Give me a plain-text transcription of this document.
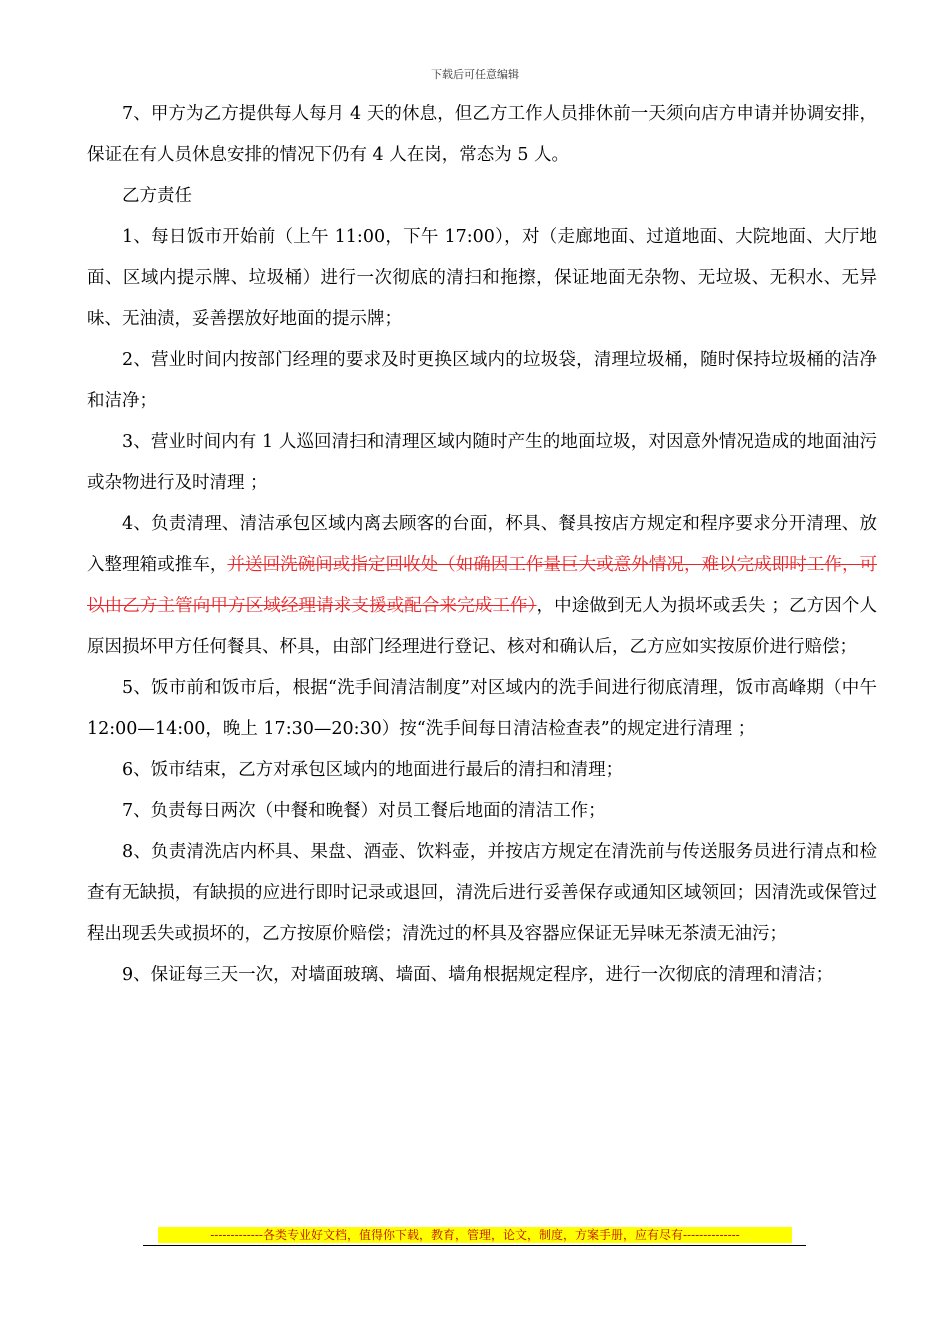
下载后可任意编辑

7、甲方为乙方提供每人每月 4 天的休息，但乙方工作人员排休前一天须向店方申请并协调安排，保证在有人员休息安排的情况下仍有 4 人在岗，常态为 5 人。

乙方责任

1、每日饭市开始前（上午 11:00，下午 17:00），对（走廊地面、过道地面、大院地面、大厅地面、区域内提示牌、垃圾桶）进行一次彻底的清扫和拖擦，保证地面无杂物、无垃圾、无积水、无异味、无油渍，妥善摆放好地面的提示牌；

2、营业时间内按部门经理的要求及时更换区域内的垃圾袋，清理垃圾桶，随时保持垃圾桶的洁净和洁净；

3、营业时间内有 1 人巡回清扫和清理区域内随时产生的地面垃圾，对因意外情况造成的地面油污或杂物进行及时清理 ；

4、负责清理、清洁承包区域内离去顾客的台面，杯具、餐具按店方规定和程序要求分开清理、放入整理箱或推车，并送回洗碗间或指定回收处（如确因工作量巨大或意外情况，难以完成即时工作，可以由乙方主管向甲方区域经理请求支援或配合来完成工作），中途做到无人为损坏或丢失 ；乙方因个人原因损坏甲方任何餐具、杯具，由部门经理进行登记、核对和确认后，乙方应如实按原价进行赔偿；

5、饭市前和饭市后，根据“洗手间清洁制度”对区域内的洗手间进行彻底清理，饭市高峰期（中午 12:00—14:00，晚上 17:30—20:30）按“洗手间每日清洁检查表”的规定进行清理 ；

6、饭市结束，乙方对承包区域内的地面进行最后的清扫和清理；

7、负责每日两次（中餐和晚餐）对员工餐后地面的清洁工作；

8、负责清洗店内杯具、果盘、酒壶、饮料壶，并按店方规定在清洗前与传送服务员进行清点和检查有无缺损，有缺损的应进行即时记录或退回，清洗后进行妥善保存或通知区域领回；因清洗或保管过程出现丢失或损坏的，乙方按原价赔偿；清洗过的杯具及容器应保证无异味无茶渍无油污；

9、保证每三天一次，对墙面玻璃、墙面、墙角根据规定程序，进行一次彻底的清理和清洁；

-------------各类专业好文档，值得你下载，教育，管理，论文，制度，方案手册，应有尽有--------------
